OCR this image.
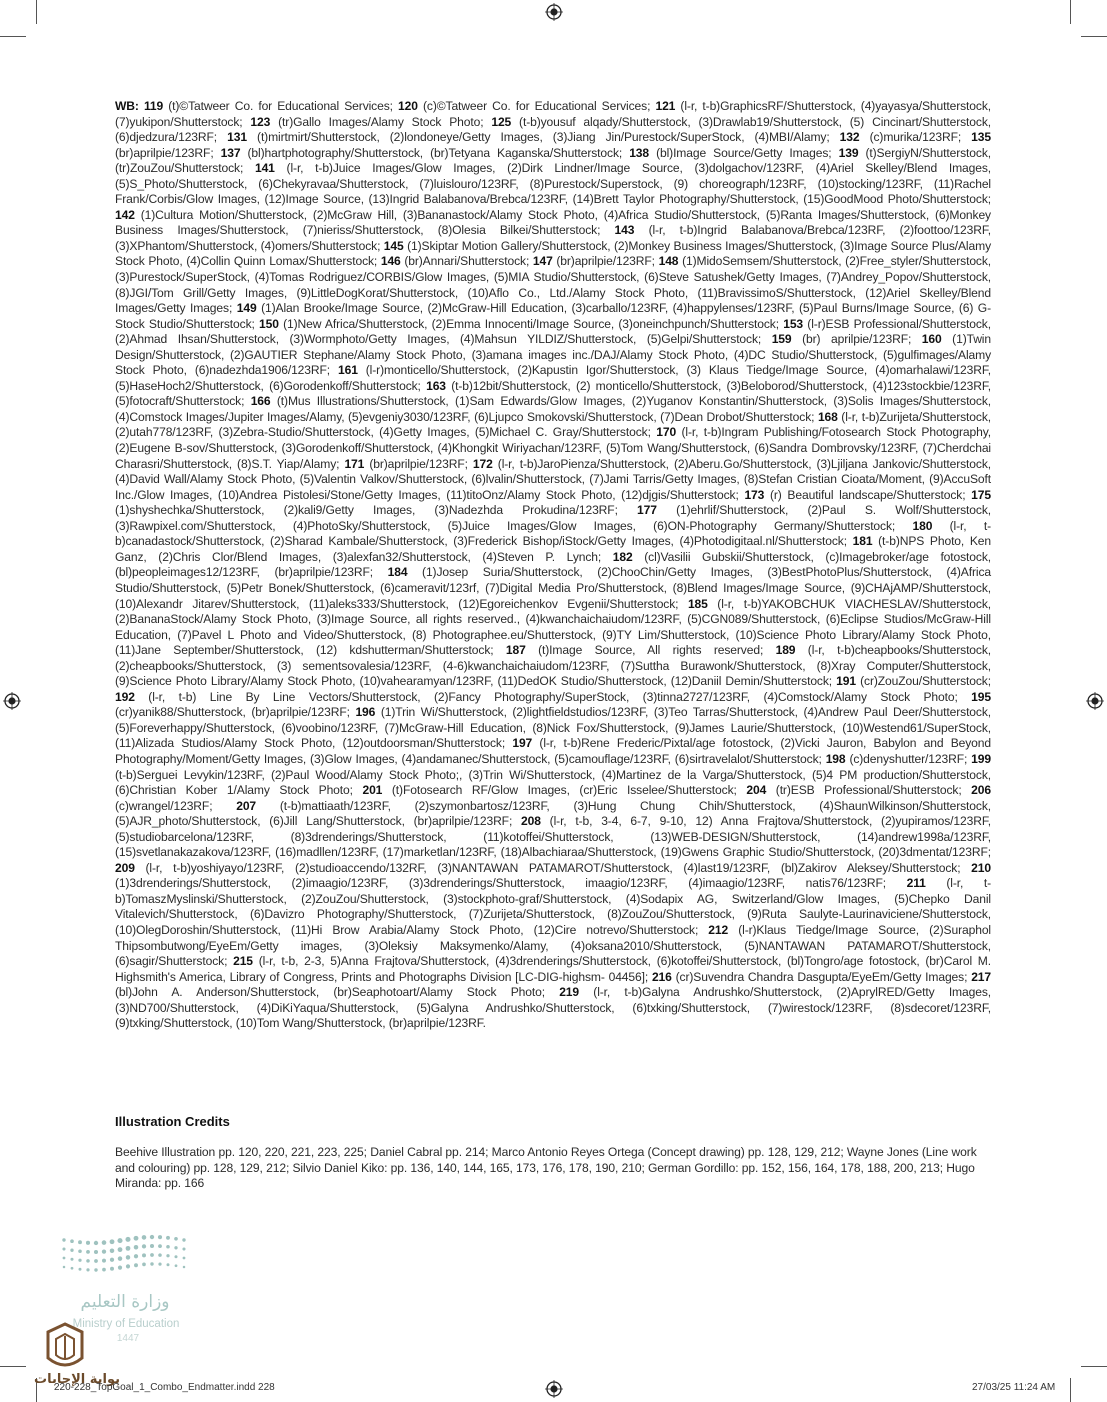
WB: 119 (t)©Tatweer Co. for Educational Services; 120 (c)©Tatweer Co. for Educational Services; 121 (l-r, t-b)GraphicsRF/Shutterstock, (4)yayasya/Shutterstock, (7)yukipon/Shutterstock; 123 (tr)Gallo Images/Alamy Stock Photo; 125 (t-b)yousuf alqady/Shutterstock, (3)Drawlab19/Shutterstock, (5) Cincinart/Shutterstock, (6)djedzura/123RF; 131 (t)mirtmirt/Shutterstock, (2)londoneye/Getty Images, (3)Jiang Jin/Purestock/SuperStock, (4)MBI/Alamy; 132 (c)murika/123RF; 135 (br)aprilpie/123RF; 137 (bl)hartphotography/Shutterstock, (br)Tetyana Kaganska/Shutterstock; 138 (bl)Image Source/Getty Images; 139 (t)SergiyN/Shutterstock, (tr)ZouZou/Shutterstock; 141 (l-r, t-b)Juice Images/Glow Images, (2)Dirk Lindner/Image Source, (3)dolgachov/123RF, (4)Ariel Skelley/Blend Images, (5)S_Photo/Shutterstock, (6)Chekyravaa/Shutterstock, (7)luislouro/123RF, (8)Purestock/Superstock, (9) choreograph/123RF, (10)stocking/123RF, (11)Rachel Frank/Corbis/Glow Images, (12)Image Source, (13)Ingrid Balabanova/Brebca/123RF, (14)Brett Taylor Photography/Shutterstock, (15)GoodMood Photo/Shutterstock; 142 (1)Cultura Motion/Shutterstock, (2)McGraw Hill, (3)Bananastock/Alamy Stock Photo, (4)Africa Studio/Shutterstock, (5)Ranta Images/Shutterstock, (6)Monkey Business Images/Shutterstock, (7)nieriss/Shutterstock, (8)Olesia Bilkei/Shutterstock; 143 (l-r, t-b)Ingrid Balabanova/Brebca/123RF, (2)foottoo/123RF, (3)XPhantom/Shutterstock, (4)omers/Shutterstock; 145 (1)Skiptar Motion Gallery/Shutterstock, (2)Monkey Business Images/Shutterstock, (3)Image Source Plus/Alamy Stock Photo, (4)Collin Quinn Lomax/Shutterstock; 146 (br)Annari/Shutterstock; 147 (br)aprilpie/123RF; 148 (1)MidoSemsem/Shutterstock, (2)Free_styler/Shutterstock, (3)Purestock/SuperStock, (4)Tomas Rodriguez/CORBIS/Glow Images, (5)MIA Studio/Shutterstock, (6)Steve Satushek/Getty Images, (7)Andrey_Popov/Shutterstock, (8)JGI/Tom Grill/Getty Images, (9)LittleDogKorat/Shutterstock, (10)Aflo Co., Ltd./Alamy Stock Photo, (11)BravissimoS/Shutterstock, (12)Ariel Skelley/Blend Images/Getty Images; 149 (1)Alan Brooke/Image Source, (2)McGraw-Hill Education, (3)carballo/123RF, (4)happylenses/123RF, (5)Paul Burns/Image Source, (6) G-Stock Studio/Shutterstock; 150 (1)New Africa/Shutterstock, (2)Emma Innocenti/Image Source, (3)oneinchpunch/Shutterstock; 153 (l-r)ESB Professional/Shutterstock, (2)Ahmad Ihsan/Shutterstock, (3)Wormphoto/Getty Images, (4)Mahsun YILDIZ/Shutterstock, (5)Gelpi/Shutterstock; 159 (br) aprilpie/123RF; 160 (1)Twin Design/Shutterstock, (2)GAUTIER Stephane/Alamy Stock Photo, (3)amana images inc./DAJ/Alamy Stock Photo, (4)DC Studio/Shutterstock, (5)gulfimages/Alamy Stock Photo, (6)nadezhda1906/123RF; 161 (l-r)monticello/Shutterstock, (2)Kapustin Igor/Shutterstock, (3) Klaus Tiedge/Image Source, (4)omarhalawi/123RF, (5)HaseHoch2/Shutterstock, (6)Gorodenkoff/Shutterstock; 163 (t-b)12bit/Shutterstock, (2) monticello/Shutterstock, (3)Beloborod/Shutterstock, (4)123stockbie/123RF, (5)fotocraft/Shutterstock; 166 (t)Mus Illustrations/Shutterstock, (1)Sam Edwards/Glow Images, (2)Yuganov Konstantin/Shutterstock, (3)Solis Images/Shutterstock, (4)Comstock Images/Jupiter Images/Alamy, (5)evgeniy3030/123RF, (6)Ljupco Smokovski/Shutterstock, (7)Dean Drobot/Shutterstock; 168 (l-r, t-b)Zurijeta/Shutterstock, (2)utah778/123RF, (3)Zebra-Studio/Shutterstock, (4)Getty Images, (5)Michael C. Gray/Shutterstock; 170 (l-r, t-b)Ingram Publishing/Fotosearch Stock Photography, (2)Eugene B-sov/Shutterstock, (3)Gorodenkoff/Shutterstock, (4)Khongkit Wiriyachan/123RF, (5)Tom Wang/Shutterstock, (6)Sandra Dombrovsky/123RF, (7)Cherdchai Charasri/Shutterstock, (8)S.T. Yiap/Alamy; 171 (br)aprilpie/123RF; 172 (l-r, t-b)JaroPienza/Shutterstock, (2)Aberu.Go/Shutterstock, (3)Ljiljana Jankovic/Shutterstock, (4)David Wall/Alamy Stock Photo, (5)Valentin Valkov/Shutterstock, (6)lvalin/Shutterstock, (7)Jami Tarris/Getty Images, (8)Stefan Cristian Cioata/Moment, (9)AccuSoft Inc./Glow Images, (10)Andrea Pistolesi/Stone/Getty Images, (11)titoOnz/Alamy Stock Photo, (12)djgis/Shutterstock; 173 (r) Beautiful landscape/Shutterstock; 175 (1)shyshechka/Shutterstock, (2)kali9/Getty Images, (3)Nadezhda Prokudina/123RF; 177 (1)ehrlif/Shutterstock, (2)Paul S. Wolf/Shutterstock, (3)Rawpixel.com/Shutterstock, (4)PhotoSky/Shutterstock, (5)Juice Images/Glow Images, (6)ON-Photography Germany/Shutterstock; 180 (l-r, t-b)canadastock/Shutterstock, (2)Sharad Kambale/Shutterstock, (3)Frederick Bishop/iStock/Getty Images, (4)Photodigitaal.nl/Shutterstock; 181 (t-b)NPS Photo, Ken Ganz, (2)Chris Clor/Blend Images, (3)alexfan32/Shutterstock, (4)Steven P. Lynch; 182 (cl)Vasilii Gubskii/Shutterstock, (c)Imagebroker/age fotostock, (bl)peopleimages12/123RF, (br)aprilpie/123RF; 184 (1)Josep Suria/Shutterstock, (2)ChooChin/Getty Images, (3)BestPhotoPlus/Shutterstock, (4)Africa Studio/Shutterstock, (5)Petr Bonek/Shutterstock, (6)cameravit/123rf, (7)Digital Media Pro/Shutterstock, (8)Blend Images/Image Source, (9)CHAjAMP/Shutterstock, (10)Alexandr Jitarev/Shutterstock, (11)aleks333/Shutterstock, (12)Egoreichenkov Evgenii/Shutterstock; 185 (l-r, t-b)YAKOBCHUK VIACHESLAV/Shutterstock, (2)BananaStock/Alamy Stock Photo, (3)Image Source, all rights reserved., (4)kwanchaichaiudom/123RF, (5)CGN089/Shutterstock, (6)Eclipse Studios/McGraw-Hill Education, (7)Pavel L Photo and Video/Shutterstock, (8) Photographee.eu/Shutterstock, (9)TY Lim/Shutterstock, (10)Science Photo Library/Alamy Stock Photo, (11)Jane September/Shutterstock, (12) kdshutterman/Shutterstock; 187 (t)Image Source, All rights reserved; 189 (l-r, t-b)cheapbooks/Shutterstock, (2)cheapbooks/Shutterstock, (3) sementsovalesia/123RF, (4-6)kwanchaichaiudom/123RF, (7)Suttha Burawonk/Shutterstock, (8)Xray Computer/Shutterstock, (9)Science Photo Library/Alamy Stock Photo, (10)vahearamyan/123RF, (11)DedOK Studio/Shutterstock, (12)Daniil Demin/Shutterstock; 191 (cr)ZouZou/Shutterstock; 192 (l-r, t-b) Line By Line Vectors/Shutterstock, (2)Fancy Photography/SuperStock, (3)tinna2727/123RF, (4)Comstock/Alamy Stock Photo; 195 (cr)yanik88/Shutterstock, (br)aprilpie/123RF; 196 (1)Trin Wi/Shutterstock, (2)lightfieldstudios/123RF, (3)Teo Tarras/Shutterstock, (4)Andrew Paul Deer/Shutterstock, (5)Foreverhappy/Shutterstock, (6)voobino/123RF, (7)McGraw-Hill Education, (8)Nick Fox/Shutterstock, (9)James Laurie/Shutterstock, (10)Westend61/SuperStock, (11)Alizada Studios/Alamy Stock Photo, (12)outdoorsman/Shutterstock; 197 (l-r, t-b)Rene Frederic/Pixtal/age fotostock, (2)Vicki Jauron, Babylon and Beyond Photography/Moment/Getty Images, (3)Glow Images, (4)andamanec/Shutterstock, (5)camouflage/123RF, (6)sirtravelalot/Shutterstock; 198 (c)denyshutter/123RF; 199 (t-b)Serguei Levykin/123RF, (2)Paul Wood/Alamy Stock Photo;, (3)Trin Wi/Shutterstock, (4)Martinez de la Varga/Shutterstock, (5)4 PM production/Shutterstock, (6)Christian Kober 1/Alamy Stock Photo; 201 (t)Fotosearch RF/Glow Images, (cr)Eric Isselee/Shutterstock; 204 (tr)ESB Professional/Shutterstock; 206 (c)wrangel/123RF; 207 (t-b)mattiaath/123RF, (2)szymonbartosz/123RF, (3)Hung Chung Chih/Shutterstock, (4)ShaunWilkinson/Shutterstock, (5)AJR_photo/Shutterstock, (6)Jill Lang/Shutterstock, (br)aprilpie/123RF; 208 (l-r, t-b, 3-4, 6-7, 9-10, 12) Anna Frajtova/Shutterstock, (2)yupiramos/123RF, (5)studiobarcelona/123RF, (8)3drenderings/Shutterstock, (11)kotoffei/Shutterstock, (13)WEB-DESIGN/Shutterstock, (14)andrew1998a/123RF, (15)svetlanakazakova/123RF, (16)madllen/123RF, (17)marketlan/123RF, (18)Albachiaraa/Shutterstock, (19)Gwens Graphic Studio/Shutterstock, (20)3dmentat/123RF; 209 (l-r, t-b)yoshiyayo/123RF, (2)studioaccendo/132RF, (3)NANTAWAN PATAMAROT/Shutterstock, (4)last19/123RF, (bl)Zakirov Aleksey/Shutterstock; 210 (1)3drenderings/Shutterstock, (2)imaagio/123RF, (3)3drenderings/Shutterstock, imaagio/123RF, (4)imaagio/123RF, natis76/123RF; 211 (l-r, t-b)TomaszMyslinski/Shutterstock, (2)ZouZou/Shutterstock, (3)stockphoto-graf/Shutterstock, (4)Sodapix AG, Switzerland/Glow Images, (5)Chepko Danil Vitalevich/Shutterstock, (6)Davizro Photography/Shutterstock, (7)Zurijeta/Shutterstock, (8)ZouZou/Shutterstock, (9)Ruta Saulyte-Laurinaviciene/Shutterstock, (10)OlegDoroshin/Shutterstock, (11)Hi Brow Arabia/Alamy Stock Photo, (12)Cire notrevo/Shutterstock; 212 (l-r)Klaus Tiedge/Image Source, (2)Suraphol Thipsombutwong/EyeEm/Getty images, (3)Oleksiy Maksymenko/Alamy, (4)oksana2010/Shutterstock, (5)NANTAWAN PATAMAROT/Shutterstock, (6)sagir/Shutterstock; 215 (l-r, t-b, 2-3, 5)Anna Frajtova/Shutterstock, (4)3drenderings/Shutterstock, (6)kotoffei/Shutterstock, (bl)Tongro/age fotostock, (br)Carol M. Highsmith's America, Library of Congress, Prints and Photographs Division [LC-DIG-highsm- 04456]; 216 (cr)Suvendra Chandra Dasgupta/EyeEm/Getty Images; 217 (bl)John A. Anderson/Shutterstock, (br)Seaphotoart/Alamy Stock Photo; 219 (l-r, t-b)Galyna Andrushko/Shutterstock, (2)AprylRED/Getty Images, (3)ND700/Shutterstock, (4)DiKiYaqua/Shutterstock, (5)Galyna Andrushko/Shutterstock, (6)txking/Shutterstock, (7)wirestock/123RF, (8)sdecoret/123RF, (9)txking/Shutterstock, (10)Tom Wang/Shutterstock, (br)aprilpie/123RF.
Illustration Credits
Beehive Illustration pp. 120, 220, 221, 223, 225; Daniel Cabral pp. 214; Marco Antonio Reyes Ortega (Concept drawing) pp. 128, 129, 212; Wayne Jones (Line work and colouring) pp. 128, 129, 212; Silvio Daniel Kiko: pp. 136, 140, 144, 165, 173, 176, 178, 190, 210; German Gordillo: pp. 152, 156, 164, 178, 188, 200, 213; Hugo Miranda: pp. 166
وزارة التعليم
Ministry of Education
1447
بوابة الإجابات
220-228_TopGoal_1_Combo_Endmatter.indd 228	27/03/25 11:24 AM
